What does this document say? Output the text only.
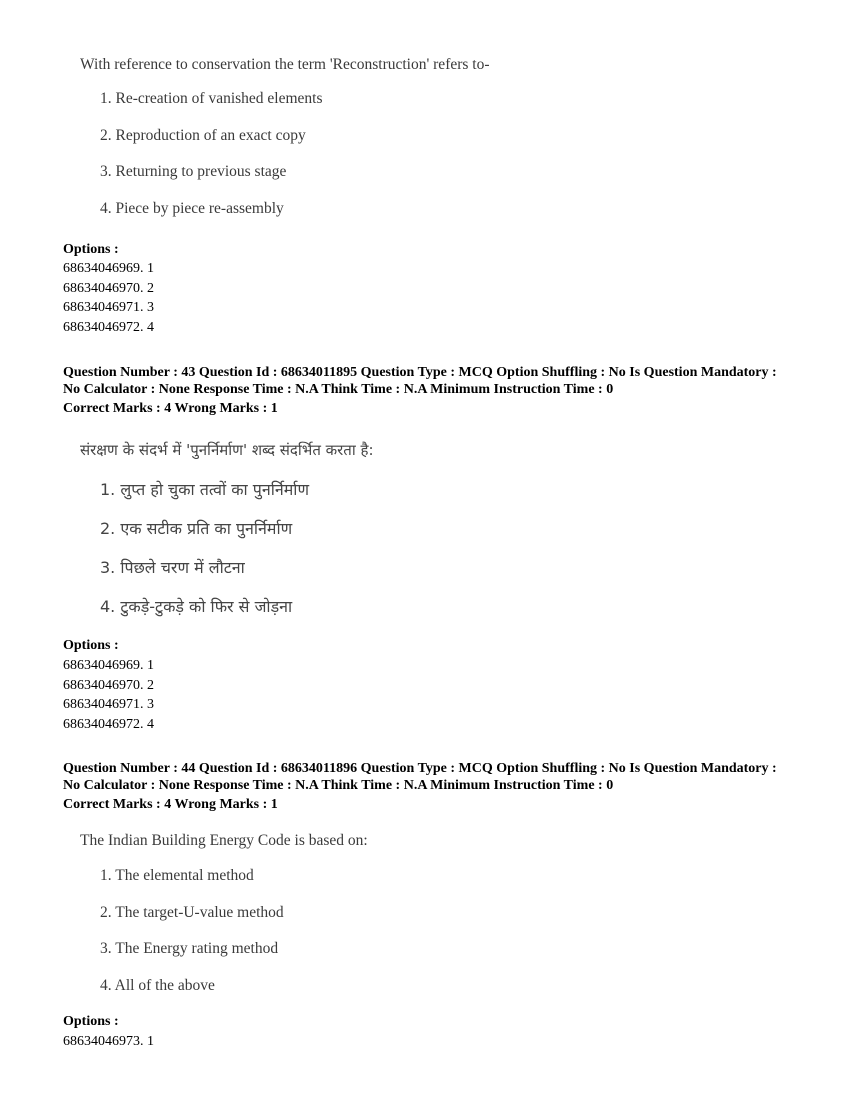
With reference to conservation the term 'Reconstruction' refers to-

1. Re-creation of vanished elements
2. Reproduction of an exact copy
3. Returning to previous stage
4. Piece by piece re-assembly

Options :

68634046969. 1
68634046970. 2
68634046971. 3
68634046972. 4
Question Number : 43 Question Id : 68634011895 Question Type : MCQ Option Shuffling : No Is Question Mandatory :
No Calculator : None Response Time : N.A Think Time : N.A Minimum Instruction Time : 0

Correct Marks : 4 Wrong Marks : 1

संरक्षण के संदर्भ में 'पुनर्निर्माण' शब्द संदर्भित करता है:

1. लुप्त हो चुका तत्वों का पुनर्निर्माण
2. एक सटीक प्रति का पुनर्निर्माण
3. पिछले चरण में लौटना
4. टुकड़े-टुकड़े को फिर से जोड़ना

Options :

68634046969. 1
68634046970. 2
68634046971. 3
68634046972. 4
Question Number : 44 Question Id : 68634011896 Question Type : MCQ Option Shuffling : No Is Question Mandatory :
No Calculator : None Response Time : N.A Think Time : N.A Minimum Instruction Time : 0

Correct Marks : 4 Wrong Marks : 1

The Indian Building Energy Code is based on:

1. The elemental method
2. The target-U-value method
3. The Energy rating method
4. All of the above

Options :

68634046973. 1
